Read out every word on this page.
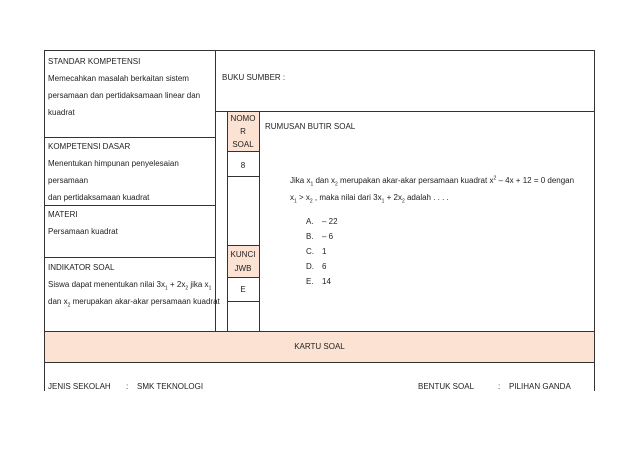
STANDAR KOMPETENSI
Memecahkan masalah berkaitan sistem
persamaan dan pertidaksamaan linear dan
kuadrat
BUKU SUMBER :
NOMO
R
SOAL
8
RUMUSAN BUTIR SOAL
KOMPETENSI DASAR
Menentukan himpunan penyelesaian persamaan
dan pertidaksamaan kuadrat
MATERI
Persamaan kuadrat
INDIKATOR SOAL
Siswa dapat menentukan nilai $3x_1 + 2x_2$ jika $x_1$
dan $x_2$ merupakan akar-akar persamaan kuadrat
KUNCI
JWB
E
Jika $x_1$ dan $x_2$ merupakan akar-akar persamaan kuadrat $x^2 - 4x + 12 = 0$ dengan
$x_1 > x_2$ , maka nilai dari $3x_1 + 2x_2$ adalah . . . .
A.	– 22
B.	– 6
C.	1
D.	6
E.	14
KARTU SOAL
JENIS SEKOLAH : SMK TEKNOLOGI	BENTUK SOAL	: PILIHAN GANDA
